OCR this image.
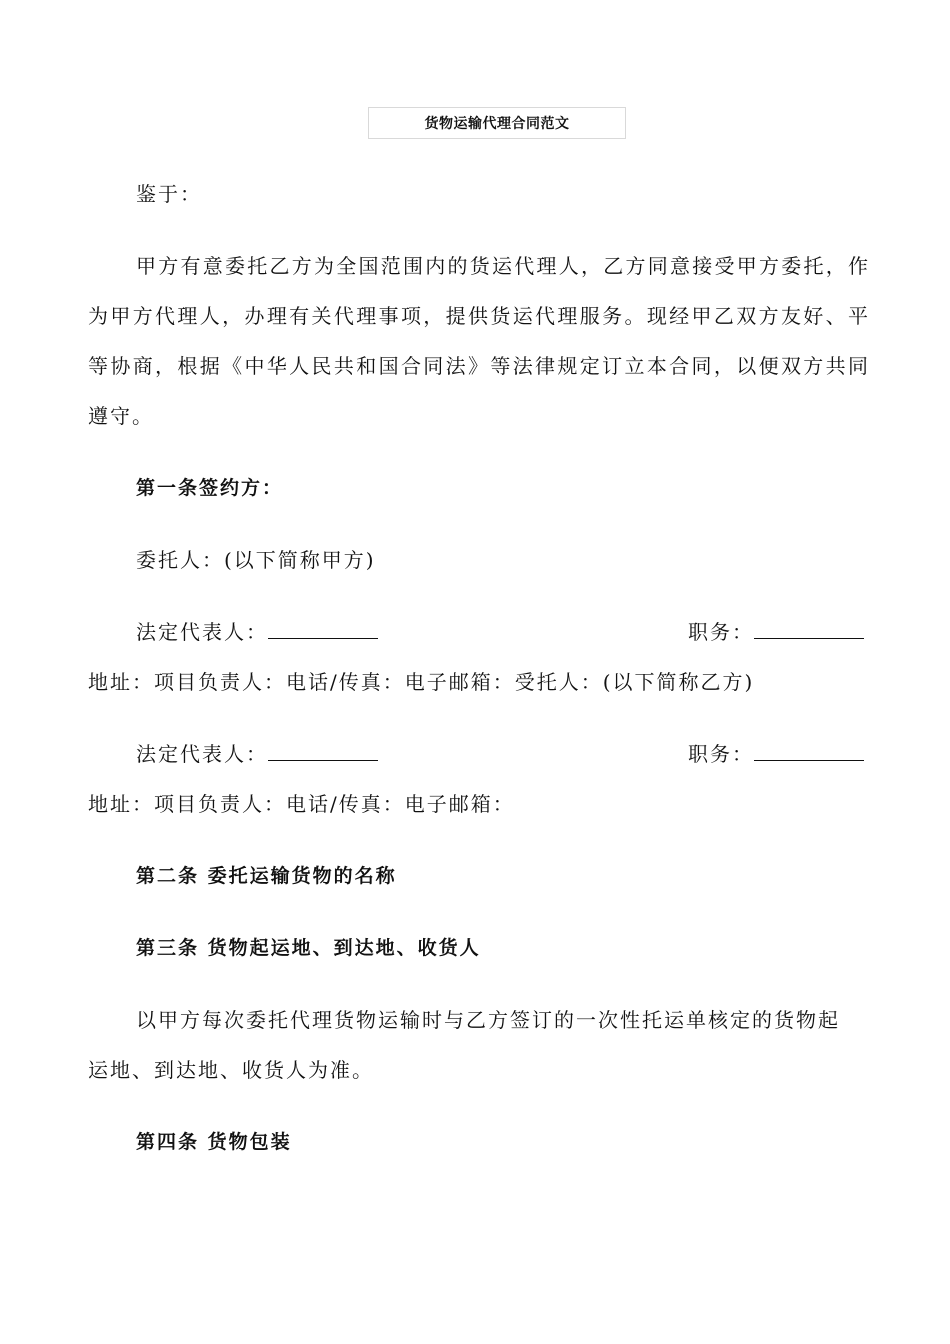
货物运输代理合同范文
鉴于：
甲方有意委托乙方为全国范围内的货运代理人，乙方同意接受甲方委托，作
为甲方代理人，办理有关代理事项，提供货运代理服务。现经甲乙双方友好、平
等协商，根据《中华人民共和国合同法》等法律规定订立本合同，以便双方共同
遵守。
第一条签约方：
委托人：(以下简称甲方)
法定代表人：	职务：
地址：项目负责人：电话/传真：电子邮箱：受托人：(以下简称乙方)
法定代表人：	职务：
地址：项目负责人：电话/传真：电子邮箱：
第二条 委托运输货物的名称
第三条 货物起运地、到达地、收货人
以甲方每次委托代理货物运输时与乙方签订的一次性托运单核定的货物起
运地、到达地、收货人为准。
第四条 货物包装
